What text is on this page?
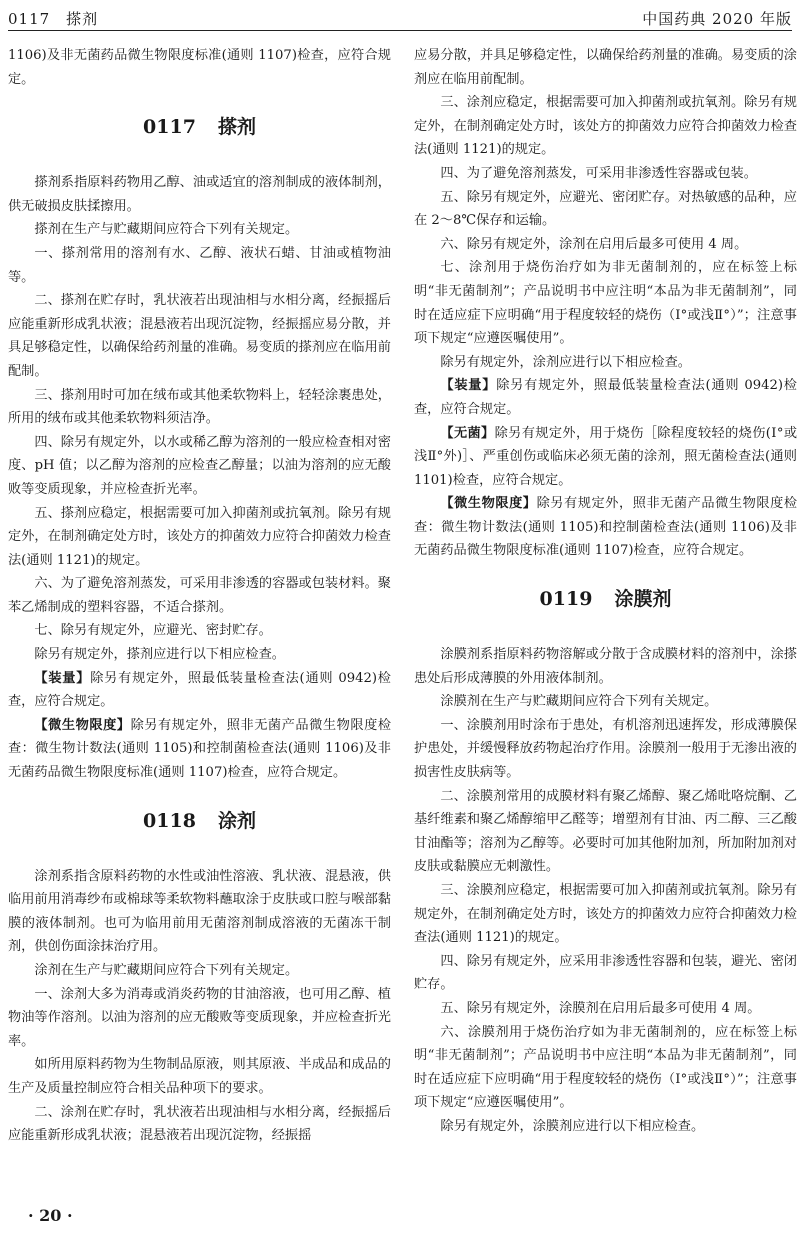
0117　搽剂	中国药典 2020 年版

1106)及非无菌药品微生物限度标准(通则 1107)检查，应符合规定。

0117 搽剂

搽剂系指原料药物用乙醇、油或适宜的溶剂制成的液体制剂，供无破损皮肤揉擦用。

搽剂在生产与贮藏期间应符合下列有关规定。

一、搽剂常用的溶剂有水、乙醇、液状石蜡、甘油或植物油等。

二、搽剂在贮存时，乳状液若出现油相与水相分离，经振摇后应能重新形成乳状液；混悬液若出现沉淀物，经振摇应易分散，并具足够稳定性，以确保给药剂量的准确。易变质的搽剂应在临用前配制。

三、搽剂用时可加在绒布或其他柔软物料上，轻轻涂裹患处，所用的绒布或其他柔软物料须洁净。

四、除另有规定外，以水或稀乙醇为溶剂的一般应检查相对密度、pH 值；以乙醇为溶剂的应检查乙醇量；以油为溶剂的应无酸败等变质现象，并应检查折光率。

五、搽剂应稳定，根据需要可加入抑菌剂或抗氧剂。除另有规定外，在制剂确定处方时，该处方的抑菌效力应符合抑菌效力检查法(通则 1121)的规定。

六、为了避免溶剂蒸发，可采用非渗透的容器或包装材料。聚苯乙烯制成的塑料容器，不适合搽剂。

七、除另有规定外，应避光、密封贮存。

除另有规定外，搽剂应进行以下相应检查。

【装量】除另有规定外，照最低装量检查法(通则 0942)检查，应符合规定。

【微生物限度】除另有规定外，照非无菌产品微生物限度检查：微生物计数法(通则 1105)和控制菌检查法(通则 1106)及非无菌药品微生物限度标准(通则 1107)检查，应符合规定。

0118 涂剂

涂剂系指含原料药物的水性或油性溶液、乳状液、混悬液，供临用前用消毒纱布或棉球等柔软物料蘸取涂于皮肤或口腔与喉部黏膜的液体制剂。也可为临用前用无菌溶剂制成溶液的无菌冻干制剂，供创伤面涂抹治疗用。

涂剂在生产与贮藏期间应符合下列有关规定。

一、涂剂大多为消毒或消炎药物的甘油溶液，也可用乙醇、植物油等作溶剂。以油为溶剂的应无酸败等变质现象，并应检查折光率。

如所用原料药物为生物制品原液，则其原液、半成品和成品的生产及质量控制应符合相关品种项下的要求。

二、涂剂在贮存时，乳状液若出现油相与水相分离，经振摇后应能重新形成乳状液；混悬液若出现沉淀物，经振摇

应易分散，并具足够稳定性，以确保给药剂量的准确。易变质的涂剂应在临用前配制。

三、涂剂应稳定，根据需要可加入抑菌剂或抗氧剂。除另有规定外，在制剂确定处方时，该处方的抑菌效力应符合抑菌效力检查法(通则 1121)的规定。

四、为了避免溶剂蒸发，可采用非渗透性容器或包装。

五、除另有规定外，应避光、密闭贮存。对热敏感的品种，应在 2～8℃保存和运输。

六、除另有规定外，涂剂在启用后最多可使用 4 周。

七、涂剂用于烧伤治疗如为非无菌制剂的，应在标签上标明“非无菌制剂”；产品说明书中应注明“本品为非无菌制剂”，同时在适应症下应明确“用于程度较轻的烧伤（Ⅰ°或浅Ⅱ°）”；注意事项下规定“应遵医嘱使用”。

除另有规定外，涂剂应进行以下相应检查。

【装量】除另有规定外，照最低装量检查法(通则 0942)检查，应符合规定。

【无菌】除另有规定外，用于烧伤［除程度较轻的烧伤(Ⅰ°或浅Ⅱ°外)］、严重创伤或临床必须无菌的涂剂，照无菌检查法(通则 1101)检查，应符合规定。

【微生物限度】除另有规定外，照非无菌产品微生物限度检查：微生物计数法(通则 1105)和控制菌检查法(通则 1106)及非无菌药品微生物限度标准(通则 1107)检查，应符合规定。

0119 涂膜剂

涂膜剂系指原料药物溶解或分散于含成膜材料的溶剂中，涂搽患处后形成薄膜的外用液体制剂。

涂膜剂在生产与贮藏期间应符合下列有关规定。

一、涂膜剂用时涂布于患处，有机溶剂迅速挥发，形成薄膜保护患处，并缓慢释放药物起治疗作用。涂膜剂一般用于无渗出液的损害性皮肤病等。

二、涂膜剂常用的成膜材料有聚乙烯醇、聚乙烯吡咯烷酮、乙基纤维素和聚乙烯醇缩甲乙醛等；增塑剂有甘油、丙二醇、三乙酸甘油酯等；溶剂为乙醇等。必要时可加其他附加剂，所加附加剂对皮肤或黏膜应无刺激性。

三、涂膜剂应稳定，根据需要可加入抑菌剂或抗氧剂。除另有规定外，在制剂确定处方时，该处方的抑菌效力应符合抑菌效力检查法(通则 1121)的规定。

四、除另有规定外，应采用非渗透性容器和包装，避光、密闭贮存。

五、除另有规定外，涂膜剂在启用后最多可使用 4 周。

六、涂膜剂用于烧伤治疗如为非无菌制剂的，应在标签上标明“非无菌制剂”；产品说明书中应注明“本品为非无菌制剂”，同时在适应症下应明确“用于程度较轻的烧伤（Ⅰ°或浅Ⅱ°）”；注意事项下规定“应遵医嘱使用”。

除另有规定外，涂膜剂应进行以下相应检查。

· 20 ·
